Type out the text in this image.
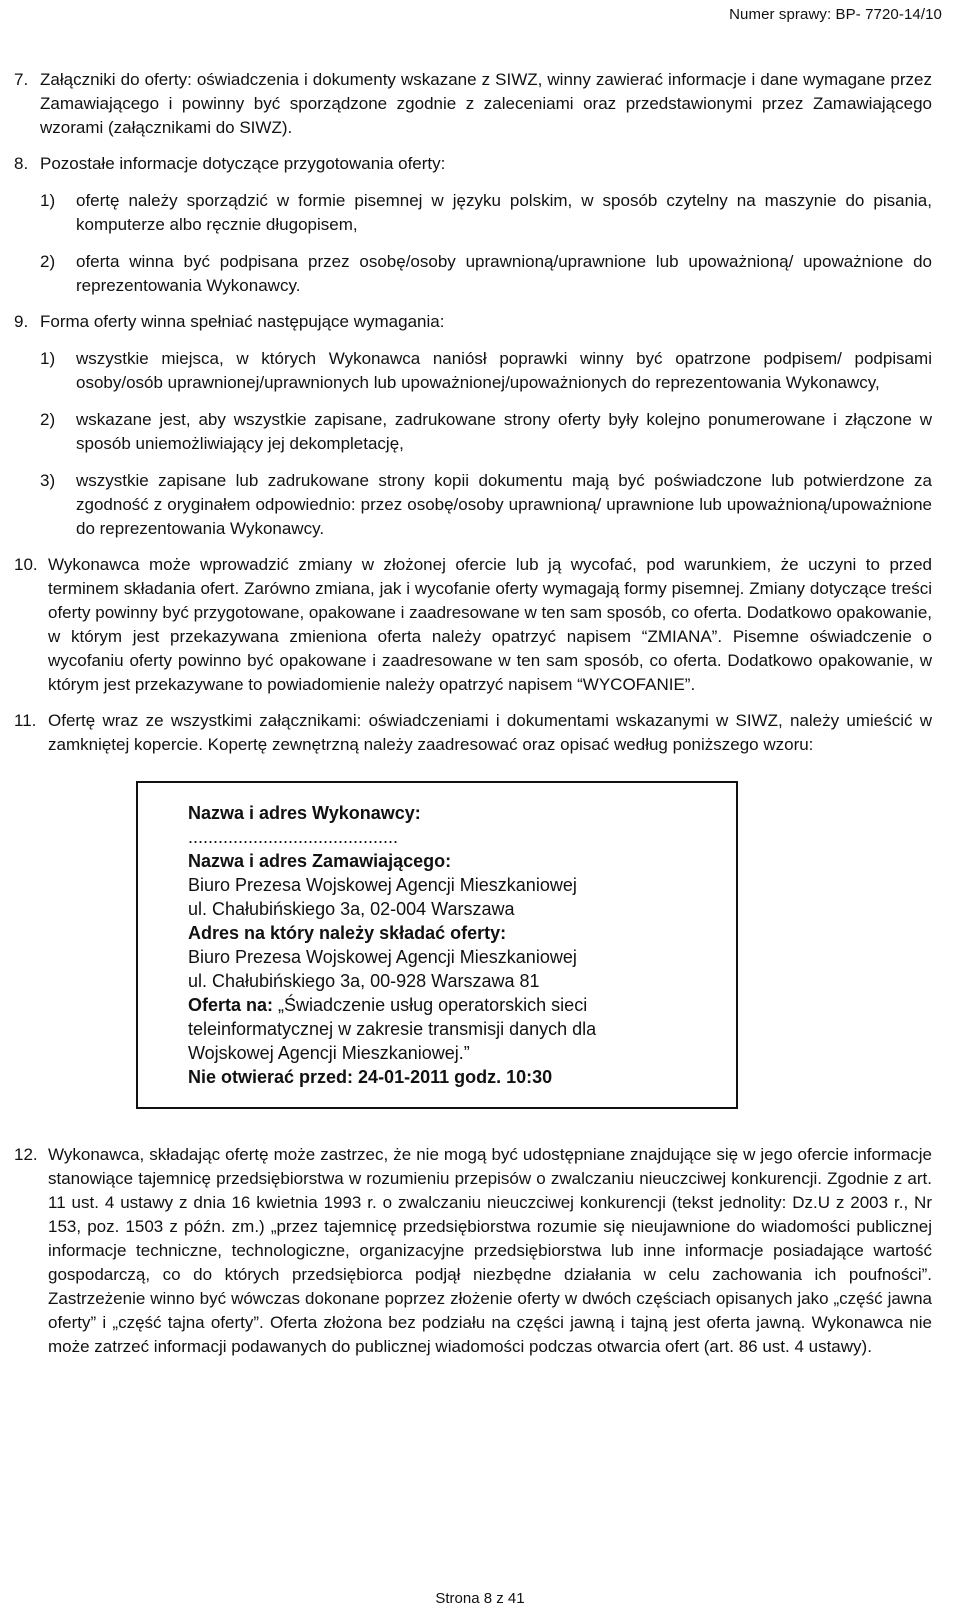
Numer sprawy: BP- 7720-14/10
7. Załączniki do oferty: oświadczenia i dokumenty wskazane z SIWZ, winny zawierać informacje i dane wymagane przez Zamawiającego i powinny być sporządzone zgodnie z zaleceniami oraz przedstawionymi przez Zamawiającego wzorami (załącznikami do SIWZ).
8. Pozostałe informacje dotyczące przygotowania oferty:
1)	ofertę należy sporządzić w formie pisemnej w języku polskim, w sposób czytelny na maszynie do pisania, komputerze albo ręcznie długopisem,
2)	oferta winna być podpisana przez osobę/osoby uprawnioną/uprawnione lub upoważnioną/ upoważnione do reprezentowania Wykonawcy.
9. Forma oferty winna spełniać następujące wymagania:
1)	wszystkie miejsca, w których Wykonawca naniósł poprawki winny być opatrzone podpisem/ podpisami osoby/osób uprawnionej/uprawnionych lub upoważnionej/upoważnionych do reprezentowania Wykonawcy,
2)	wskazane jest, aby wszystkie zapisane, zadrukowane strony oferty były kolejno ponumerowane i złączone w sposób uniemożliwiający jej dekompletację,
3)	wszystkie zapisane lub zadrukowane strony kopii dokumentu mają być poświadczone lub potwierdzone za zgodność z oryginałem odpowiednio: przez osobę/osoby uprawnioną/ uprawnione lub upoważnioną/upoważnione do reprezentowania Wykonawcy.
10. Wykonawca może wprowadzić zmiany w złożonej ofercie lub ją wycofać, pod warunkiem, że uczyni to przed terminem składania ofert. Zarówno zmiana, jak i wycofanie oferty wymagają formy pisemnej. Zmiany dotyczące treści oferty powinny być przygotowane, opakowane i zaadresowane w ten sam sposób, co oferta. Dodatkowo opakowanie, w którym jest przekazywana zmieniona oferta należy opatrzyć napisem “ZMIANA”. Pisemne oświadczenie o wycofaniu oferty powinno być opakowane i zaadresowane w ten sam sposób, co oferta. Dodatkowo opakowanie, w którym jest przekazywane to powiadomienie należy opatrzyć napisem “WYCOFANIE”.
11. Ofertę wraz ze wszystkimi załącznikami: oświadczeniami i dokumentami wskazanymi w SIWZ, należy umieścić w zamkniętej kopercie. Kopertę zewnętrzną należy zaadresować oraz opisać według poniższego wzoru:
Nazwa i adres Wykonawcy:
..........................................
Nazwa i adres Zamawiającego:
Biuro Prezesa Wojskowej Agencji Mieszkaniowej
ul. Chałubińskiego 3a, 02-004 Warszawa
Adres na który należy składać oferty:
Biuro Prezesa Wojskowej Agencji Mieszkaniowej
ul. Chałubińskiego 3a, 00-928 Warszawa 81
Oferta na: „Świadczenie usług operatorskich sieci
teleinformatycznej w zakresie transmisji danych dla
Wojskowej Agencji Mieszkaniowej.”
Nie otwierać przed: 24-01-2011 godz. 10:30
12. Wykonawca, składając ofertę może zastrzec, że nie mogą być udostępniane znajdujące się w jego ofercie informacje stanowiące tajemnicę przedsiębiorstwa w rozumieniu przepisów o zwalczaniu nieuczciwej konkurencji. Zgodnie z art. 11 ust. 4 ustawy z dnia 16 kwietnia 1993 r. o zwalczaniu nieuczciwej konkurencji (tekst jednolity: Dz.U z 2003 r., Nr 153, poz. 1503 z późn. zm.) „przez tajemnicę przedsiębiorstwa rozumie się nieujawnione do wiadomości publicznej informacje techniczne, technologiczne, organizacyjne przedsiębiorstwa lub inne informacje posiadające wartość gospodarczą, co do których przedsiębiorca podjął niezbędne działania w celu zachowania ich poufności”. Zastrzeżenie winno być wówczas dokonane poprzez złożenie oferty w dwóch częściach opisanych jako „część jawna oferty” i „część tajna oferty”. Oferta złożona bez podziału na części jawną i tajną jest oferta jawną. Wykonawca nie może zatrzeć informacji podawanych do publicznej wiadomości podczas otwarcia ofert (art. 86 ust. 4 ustawy).
Strona 8 z 41
